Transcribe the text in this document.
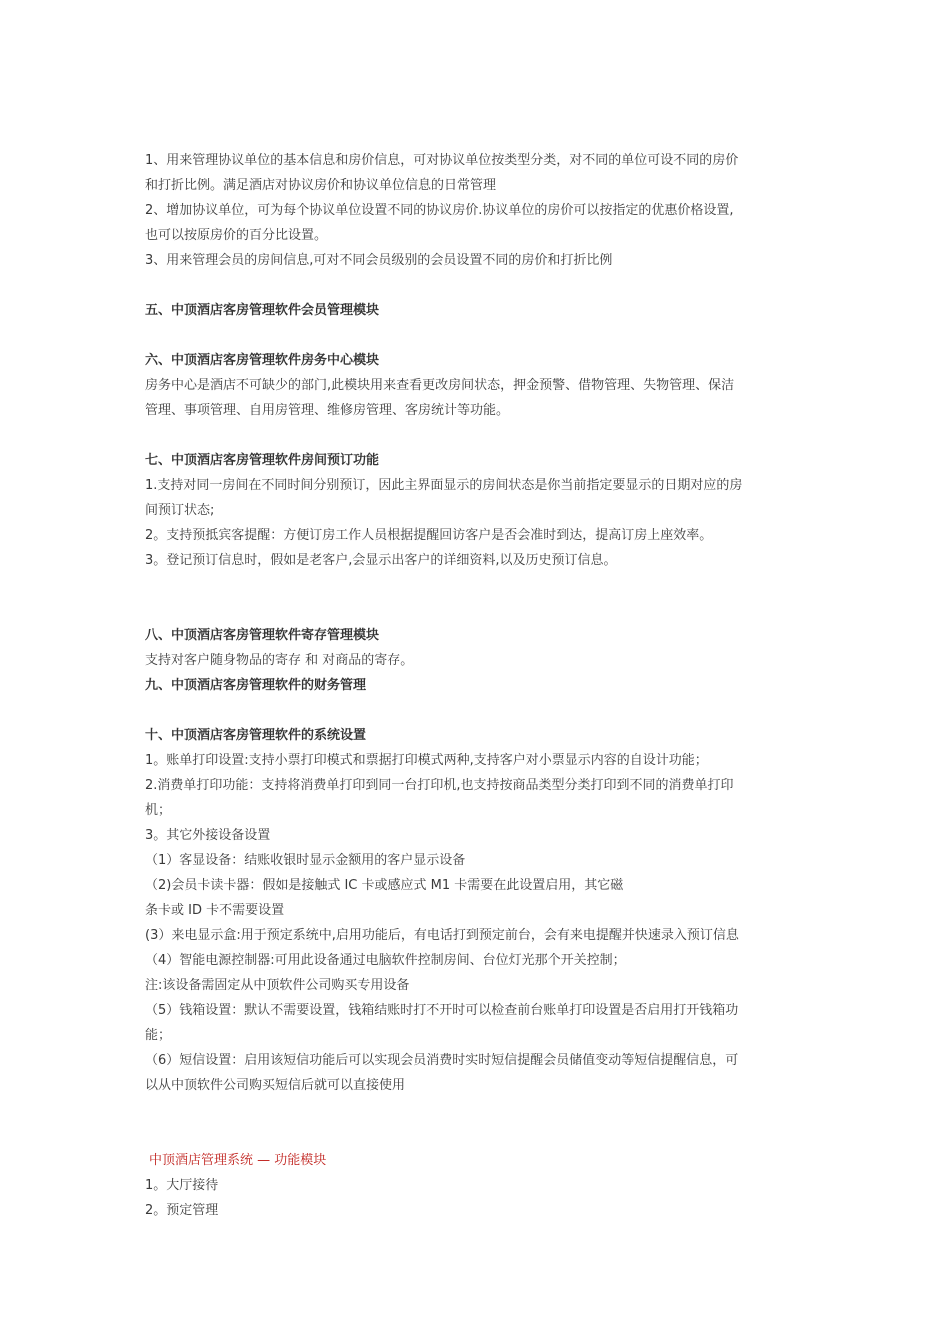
1、用来管理协议单位的基本信息和房价信息，可对协议单位按类型分类，对不同的单位可设不同的房价
和打折比例。满足酒店对协议房价和协议单位信息的日常管理
2、增加协议单位，可为每个协议单位设置不同的协议房价.协议单位的房价可以按指定的优惠价格设置,
也可以按原房价的百分比设置。
3、用来管理会员的房间信息,可对不同会员级别的会员设置不同的房价和打折比例
五、中顶酒店客房管理软件会员管理模块
六、中顶酒店客房管理软件房务中心模块
房务中心是酒店不可缺少的部门,此模块用来查看更改房间状态，押金预警、借物管理、失物管理、保洁
管理、事项管理、自用房管理、维修房管理、客房统计等功能。
七、中顶酒店客房管理软件房间预订功能
1.支持对同一房间在不同时间分别预订，因此主界面显示的房间状态是你当前指定要显示的日期对应的房
间预订状态;
2。支持预抵宾客提醒：方便订房工作人员根据提醒回访客户是否会准时到达，提高订房上座效率。
3。登记预订信息时，假如是老客户,会显示出客户的详细资料,以及历史预订信息。
八、中顶酒店客房管理软件寄存管理模块
支持对客户随身物品的寄存 和 对商品的寄存。
九、中顶酒店客房管理软件的财务管理
十、中顶酒店客房管理软件的系统设置
1。账单打印设置:支持小票打印模式和票据打印模式两种,支持客户对小票显示内容的自设计功能；
2.消费单打印功能：支持将消费单打印到同一台打印机,也支持按商品类型分类打印到不同的消费单打印
机；
3。其它外接设备设置
（1）客显设备：结账收银时显示金额用的客户显示设备
（2)会员卡读卡器：假如是接触式 IC 卡或感应式 M1 卡需要在此设置启用，其它磁
条卡或 ID 卡不需要设置
(3）来电显示盒:用于预定系统中,启用功能后，有电话打到预定前台，会有来电提醒并快速录入预订信息
（4）智能电源控制器:可用此设备通过电脑软件控制房间、台位灯光那个开关控制；
注:该设备需固定从中顶软件公司购买专用设备
（5）钱箱设置：默认不需要设置，钱箱结账时打不开时可以检查前台账单打印设置是否启用打开钱箱功
能；
（6）短信设置：启用该短信功能后可以实现会员消费时实时短信提醒会员储值变动等短信提醒信息，可
以从中顶软件公司购买短信后就可以直接使用
中顶酒店管理系统 — 功能模块
1。大厅接待
2。预定管理
